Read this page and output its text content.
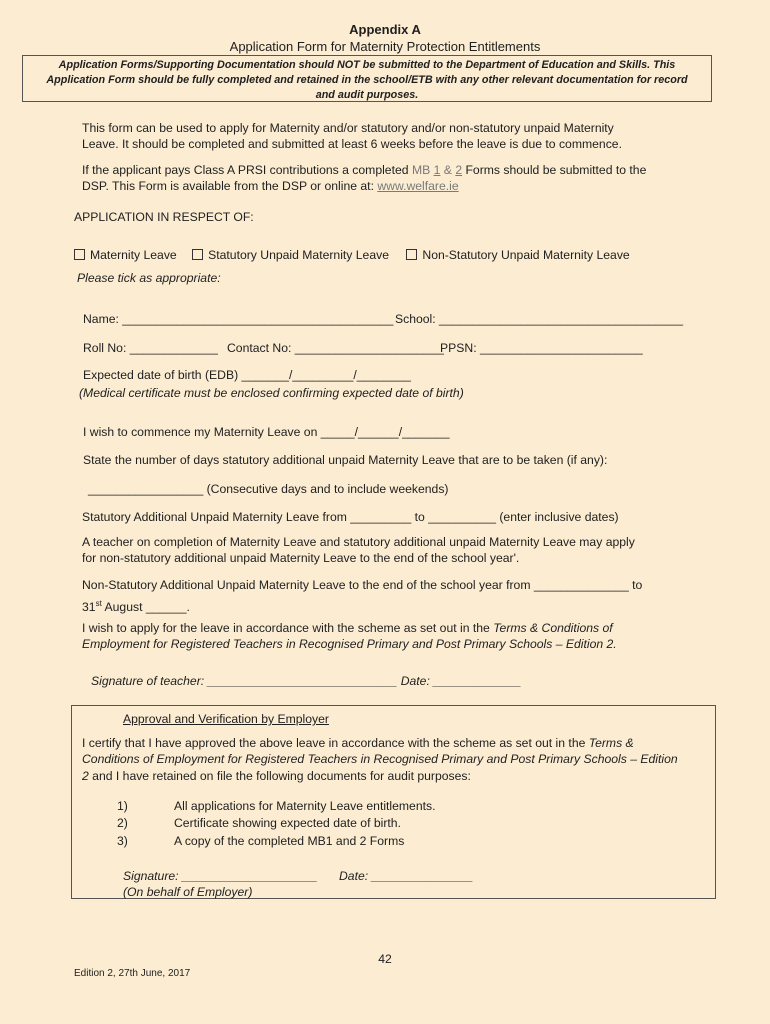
Appendix A
Application Form for Maternity Protection Entitlements
Application Forms/Supporting Documentation should NOT be submitted to the Department of Education and Skills. This
Application Form should be fully completed and retained in the school/ETB with any other relevant documentation for record
and audit purposes.
This form can be used to apply for Maternity and/or statutory and/or non-statutory unpaid Maternity
Leave. It should be completed and submitted at least 6 weeks before the leave is due to commence.
If the applicant pays Class A PRSI contributions a completed MB 1 & 2 Forms should be submitted to the
DSP. This Form is available from the DSP or online at: www.welfare.ie
APPLICATION IN RESPECT OF:
Maternity Leave	Statutory Unpaid Maternity Leave	Non-Statutory Unpaid Maternity Leave
Please tick as appropriate:
Name: ________________________________________ School: ____________________________________
Roll No: _____________ Contact No: ______________________
PPSN: ________________________
Expected date of birth (EDB) _______/_________/________
(Medical certificate must be enclosed confirming expected date of birth)
I wish to commence my Maternity Leave on _____/______/_______
State the number of days statutory additional unpaid Maternity Leave that are to be taken (if any):
_________________ (Consecutive days and to include weekends)
Statutory Additional Unpaid Maternity Leave from _________ to __________ (enter inclusive dates)
A teacher on completion of Maternity Leave and statutory additional unpaid Maternity Leave may apply
for non-statutory additional unpaid Maternity Leave to the end of the school year'.
Non-Statutory Additional Unpaid Maternity Leave to the end of the school year from ______________ to
31st August ______.
I wish to apply for the leave in accordance with the scheme as set out in the Terms & Conditions of
Employment for Registered Teachers in Recognised Primary and Post Primary Schools – Edition 2.
Signature of teacher: ____________________________ Date: _____________
Approval and Verification by Employer
I certify that I have approved the above leave in accordance with the scheme as set out in the Terms &
Conditions of Employment for Registered Teachers in Recognised Primary and Post Primary Schools – Edition
2 and I have retained on file the following documents for audit purposes:
1)	All applications for Maternity Leave entitlements.
2)	Certificate showing expected date of birth.
3)	A copy of the completed MB1 and 2 Forms
Signature: ____________________ Date: _______________
(On behalf of Employer)
42
Edition 2, 27th June, 2017
